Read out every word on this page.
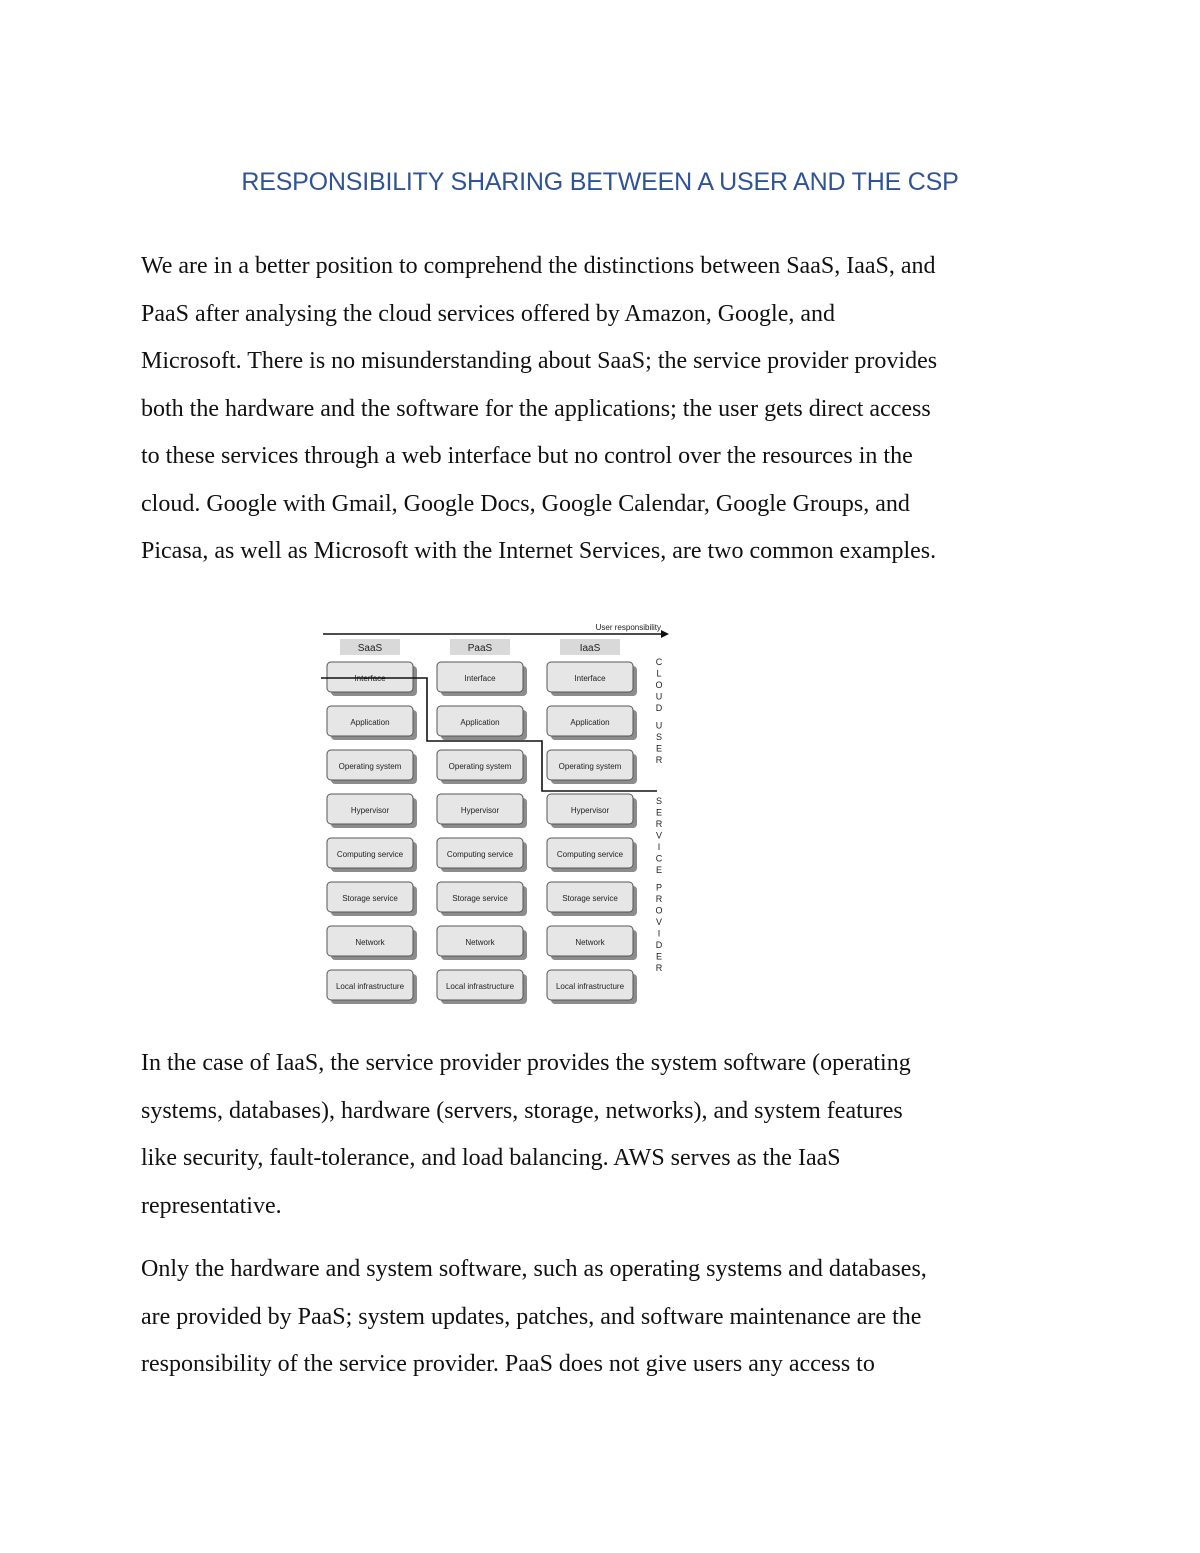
RESPONSIBILITY SHARING BETWEEN A USER AND THE CSP

We are in a better position to comprehend the distinctions between SaaS, IaaS, and
PaaS after analysing the cloud services offered by Amazon, Google, and
Microsoft. There is no misunderstanding about SaaS; the service provider provides
both the hardware and the software for the applications; the user gets direct access
to these services through a web interface but no control over the resources in the
cloud. Google with Gmail, Google Docs, Google Calendar, Google Groups, and
Picasa, as well as Microsoft with the Internet Services, are two common examples.

User responsibility
SaaS	PaaS	IaaS
Interface	Interface	Interface
Application	Application	Application
Operating system	Operating system	Operating system
Hypervisor	Hypervisor	Hypervisor
Computing service	Computing service	Computing service
Storage service	Storage service	Storage service
Network	Network	Network
Local infrastructure	Local infrastructure	Local infrastructure
C
L
O
U
D
U
S
E
R
S
E
R
V
I
C
E
P
R
O
V
I
D
E
R

In the case of IaaS, the service provider provides the system software (operating
systems, databases), hardware (servers, storage, networks), and system features
like security, fault-tolerance, and load balancing. AWS serves as the IaaS
representative.

Only the hardware and system software, such as operating systems and databases,
are provided by PaaS; system updates, patches, and software maintenance are the
responsibility of the service provider. PaaS does not give users any access to
